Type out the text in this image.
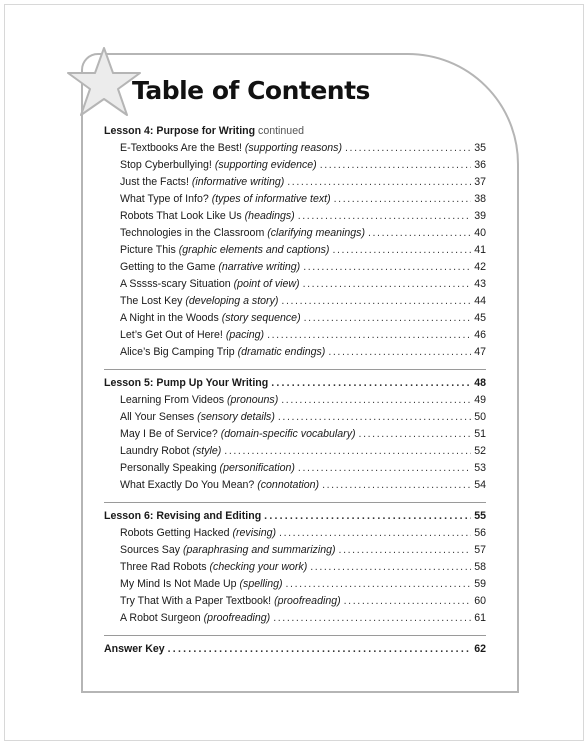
Table of Contents
Lesson 4: Purpose for Writing continued
E-Textbooks Are the Best! (supporting reasons) .....	35
Stop Cyberbullying! (supporting evidence) .....	36
Just the Facts! (informative writing) .....	37
What Type of Info? (types of informative text) .....	38
Robots That Look Like Us (headings) .....	39
Technologies in the Classroom (clarifying meanings) .....	40
Picture This (graphic elements and captions) .....	41
Getting to the Game (narrative writing) .....	42
A Sssss-scary Situation (point of view) .....	43
The Lost Key (developing a story) .....	44
A Night in the Woods (story sequence) .....	45
Let’s Get Out of Here! (pacing) .....	46
Alice’s Big Camping Trip (dramatic endings) .....	47
Lesson 5: Pump Up Your Writing .....	48
Learning From Videos (pronouns) .....	49
All Your Senses (sensory details) .....	50
May I Be of Service? (domain-specific vocabulary) .....	51
Laundry Robot (style) .....	52
Personally Speaking (personification) .....	53
What Exactly Do You Mean? (connotation) .....	54
Lesson 6: Revising and Editing .....	55
Robots Getting Hacked (revising) .....	56
Sources Say (paraphrasing and summarizing) .....	57
Three Rad Robots (checking your work) .....	58
My Mind Is Not Made Up (spelling) .....	59
Try That With a Paper Textbook! (proofreading) .....	60
A Robot Surgeon (proofreading) .....	61
Answer Key .....	62
